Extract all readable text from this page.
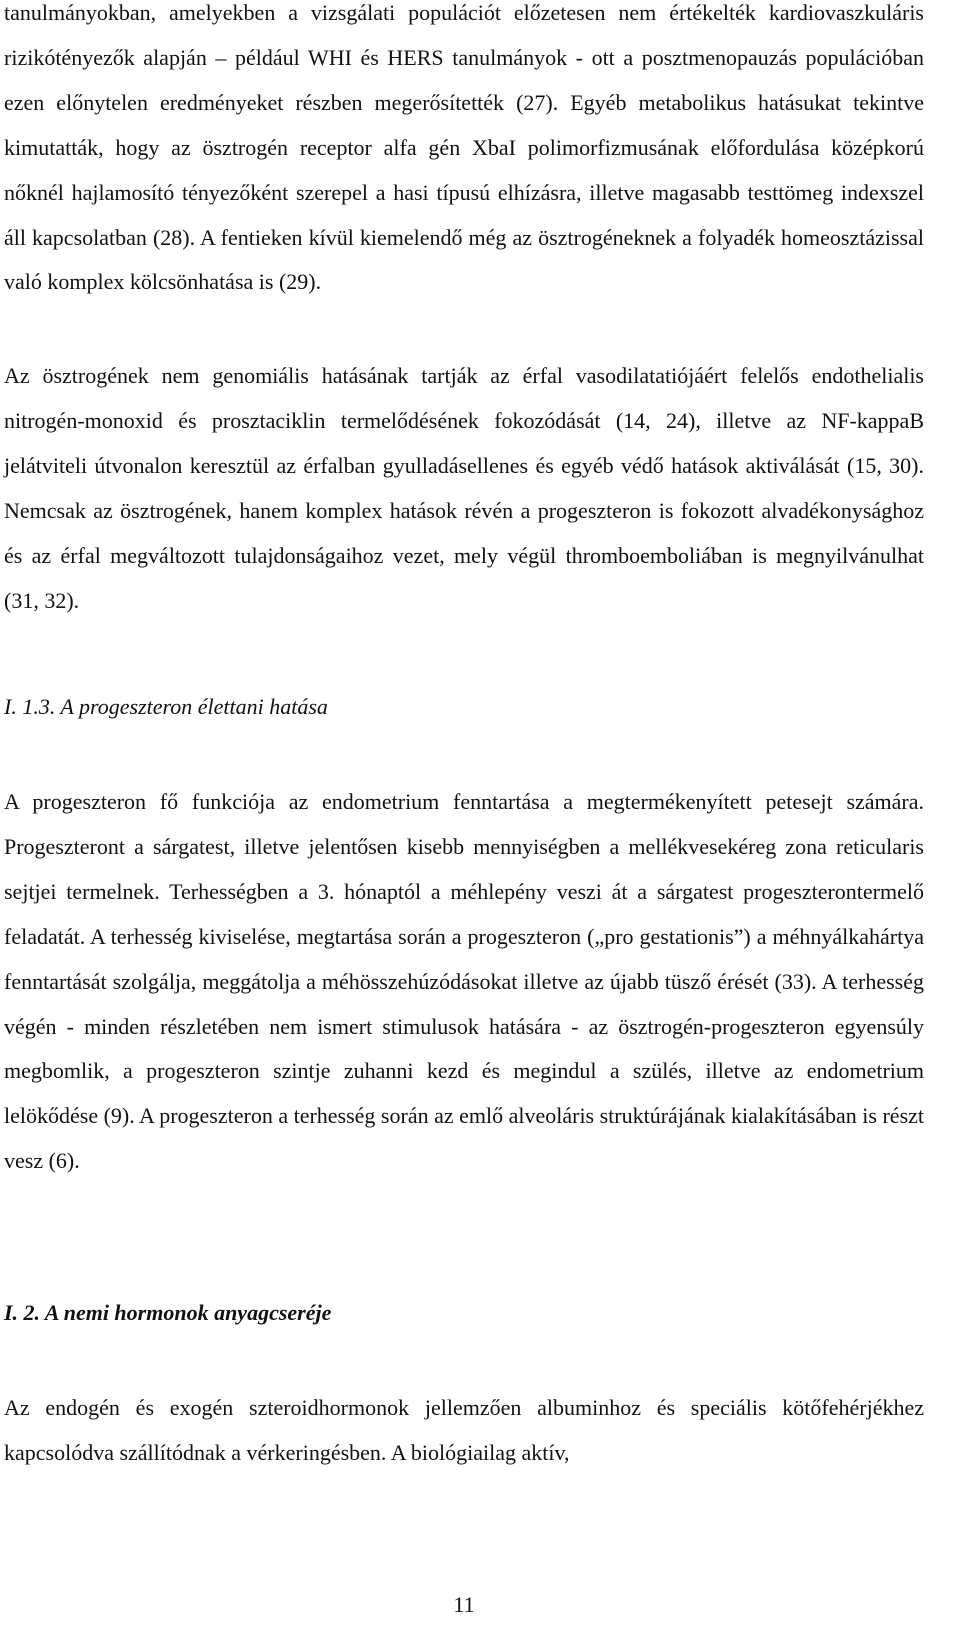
tanulmányokban, amelyekben a vizsgálati populációt előzetesen nem értékelték kardiovaszkuláris rizikótényezők alapján – például WHI és HERS tanulmányok - ott a posztmenopauzás populációban ezen előnytelen eredményeket részben megerősítették (27). Egyéb metabolikus hatásukat tekintve kimutatták, hogy az ösztrogén receptor alfa gén XbaI polimorfizmusának előfordulása középkorú nőknél hajlamosító tényezőként szerepel a hasi típusú elhízásra, illetve magasabb testtömeg indexszel áll kapcsolatban (28). A fentieken kívül kiemelendő még az ösztrogéneknek a folyadék homeosztázissal való komplex kölcsönhatása is (29).

Az ösztrogének nem genomiális hatásának tartják az érfal vasodilatatiójáért felelős endothelialis nitrogén-monoxid és prosztaciklin termelődésének fokozódását (14, 24), illetve az NF-kappaB jelátviteli útvonalon keresztül az érfalban gyulladásellenes és egyéb védő hatások aktiválását (15, 30). Nemcsak az ösztrogének, hanem komplex hatások révén a progeszteron is fokozott alvadékonysághoz és az érfal megváltozott tulajdonságaihoz vezet, mely végül thromboemboliában is megnyilvánulhat (31, 32).

I. 1.3. A progeszteron élettani hatása

A progeszteron fő funkciója az endometrium fenntartása a megtermékenyített petesejt számára. Progeszteront a sárgatest, illetve jelentősen kisebb mennyiségben a mellékvesekéreg zona reticularis sejtjei termelnek. Terhességben a 3. hónaptól a méhlepény veszi át a sárgatest progeszterontermelő feladatát. A terhesség kiviselése, megtartása során a progeszteron („pro gestationis”) a méhnyálkahártya fenntartását szolgálja, meggátolja a méhösszehúzódásokat illetve az újabb tüsző érését (33). A terhesség végén - minden részletében nem ismert stimulusok hatására - az ösztrogén-progeszteron egyensúly megbomlik, a progeszteron szintje zuhanni kezd és megindul a szülés, illetve az endometrium lelökődése (9). A progeszteron a terhesség során az emlő alveoláris struktúrájának kialakításában is részt vesz (6).

I. 2. A nemi hormonok anyagcseréje

Az endogén és exogén szteroidhormonok jellemzően albuminhoz és speciális kötőfehérjékhez kapcsolódva szállítódnak a vérkeringésben. A biológiailag aktív,

11
